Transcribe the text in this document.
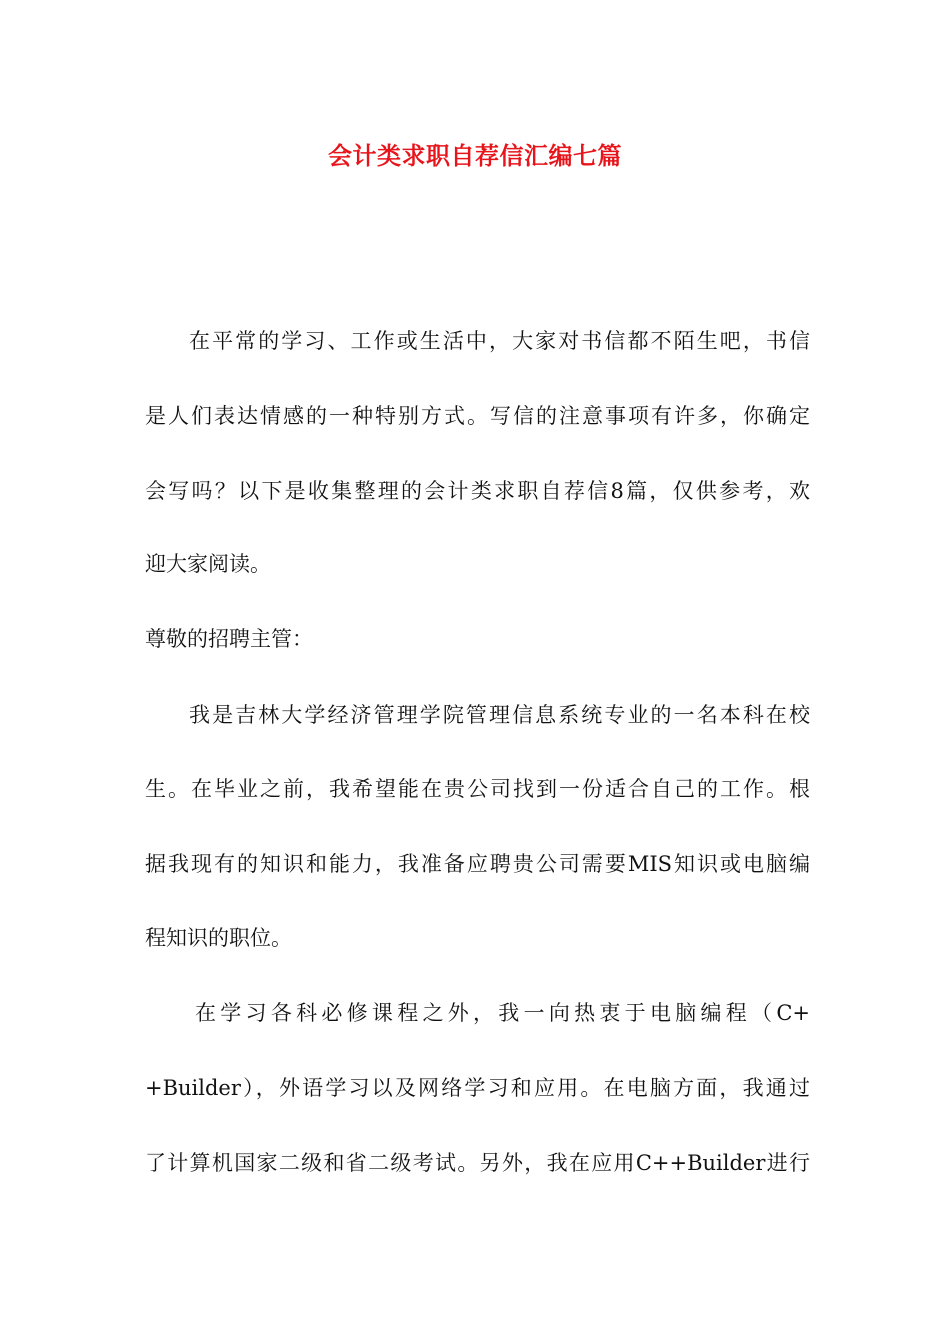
会计类求职自荐信汇编七篇
在平常的学习、工作或生活中，大家对书信都不陌生吧，书信
是人们表达情感的一种特别方式。写信的注意事项有许多，你确定
会写吗？以下是收集整理的会计类求职自荐信8篇，仅供参考，欢
迎大家阅读。
尊敬的招聘主管：
我是吉林大学经济管理学院管理信息系统专业的一名本科在校
生。在毕业之前，我希望能在贵公司找到一份适合自己的工作。根
据我现有的知识和能力，我准备应聘贵公司需要MIS知识或电脑编
程知识的职位。
在学习各科必修课程之外，我一向热衷于电脑编程（C+
+Builder），外语学习以及网络学习和应用。在电脑方面，我通过
了计算机国家二级和省二级考试。另外，我在应用C++Builder进行
